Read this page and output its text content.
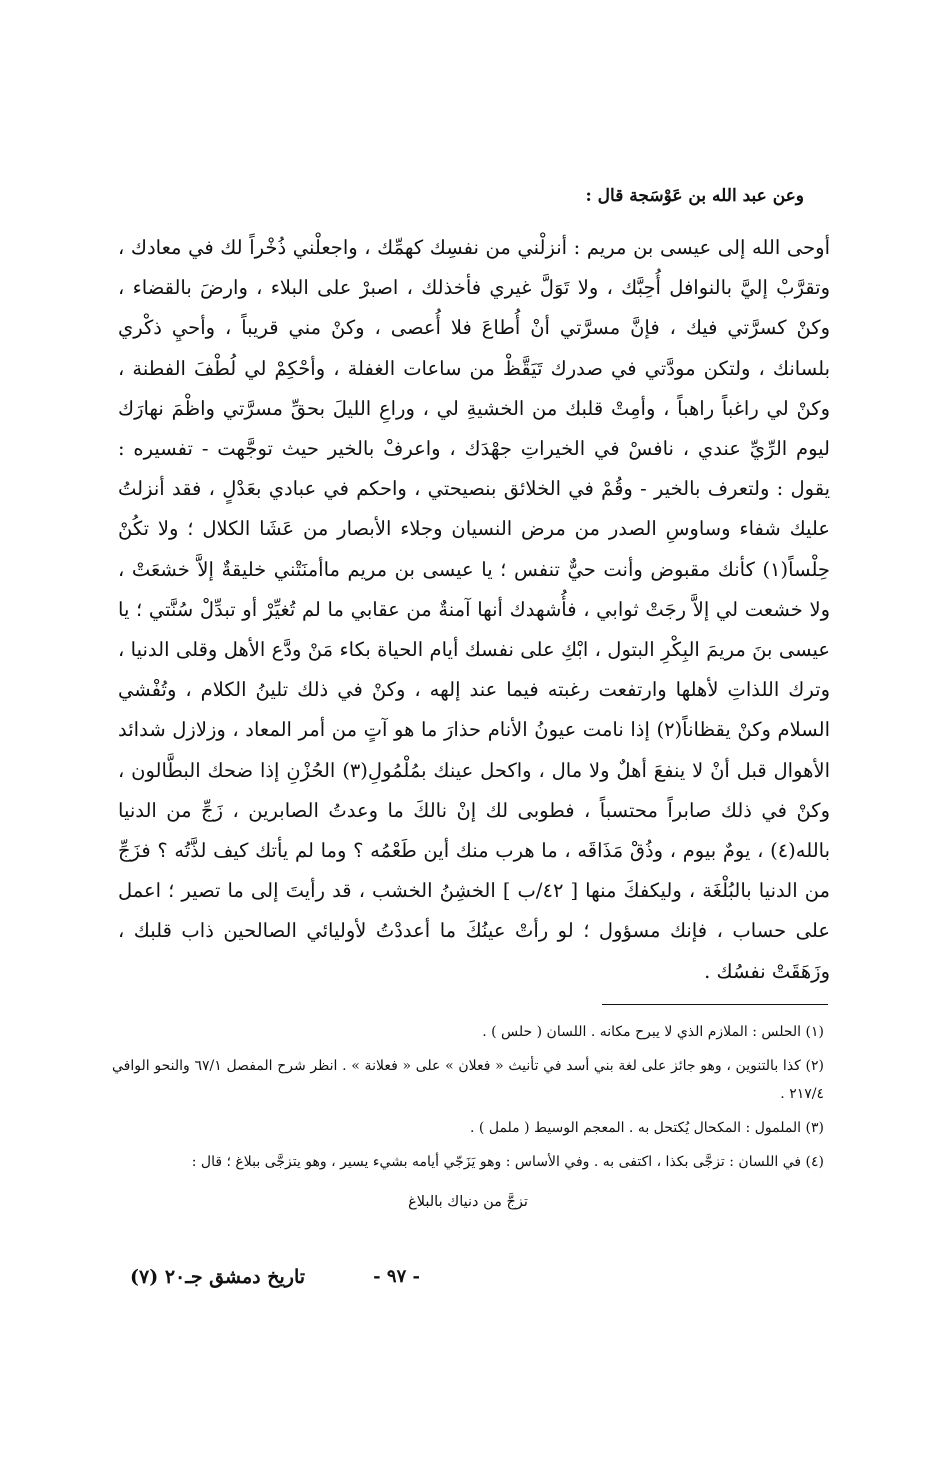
وعن عبد الله بن عَوْسَجة قال :
أوحى الله إلى عيسى بن مريم : أنزلْني من نفسِك كهمِّك ، واجعلْني ذُخْراً لك في معادك ، وتقرَّبْ إليَّ بالنوافل أُحِبَّك ، ولا تَوَلَّ غيري فأخذلك ، اصبرْ على البلاء ، وارضَ بالقضاء ، وكنْ كسرَّتي فيك ، فإنَّ مسرَّتي أنْ أُطاعَ فلا أُعصى ، وكنْ مني قريباً ، وأحيِ ذكْري بلسانك ، ولتكن مودَّتي في صدرك تَيَقَّظْ من ساعات الغفلة ، وأحْكِمْ لي لُطْفَ الفطنة ، وكنْ لي راغباً راهباً ، وأمِتْ قلبك من الخشيةِ لي ، وراعِ الليلَ بحقِّ مسرَّتي واظْمَ نهارَك ليوم الرِّيِّ عندي ، نافسْ في الخيراتِ جهْدَك ، واعرفْ بالخير حيث توجَّهت - تفسيره : يقول : ولتعرف بالخير - وقُمْ في الخلائق بنصيحتي ، واحكم في عبادي بعَدْلٍ ، فقد أنزلتُ عليك شفاء وساوسِ الصدر من مرض النسيان وجلاء الأبصار من عَشَا الكلال ؛ ولا تكُنْ حِلْساً(١) كأنك مقبوض وأنت حيٌّ تنفس ؛ يا عيسى بن مريم ماأمنَتْني خليقةٌ إلاَّ خشعَتْ ، ولا خشعت لي إلاَّ رجَتْ ثوابي ، فأُشهدك أنها آمنةٌ من عقابي ما لم تُغيِّرْ أو تبدِّلْ سُنَّتي ؛ يا عيسى بنَ مريمَ البِكْرِ البتول ، ابْكِ على نفسك أيام الحياة بكاء مَنْ ودَّع الأهل وقلى الدنيا ، وترك اللذاتِ لأهلها وارتفعت رغبته فيما عند إلهه ، وكنْ في ذلك تلينُ الكلام ، وتُفْشي السلام وكنْ يقظاناً(٢) إذا نامت عيونُ الأنام حذارَ ما هو آتٍ من أمر المعاد ، وزلازل شدائد الأهوال قبل أنْ لا ينفعَ أهلٌ ولا مال ، واكحل عينك بمُلْمُولِ(٣) الحُزْنِ إذا ضحك البطَّالون ، وكنْ في ذلك صابراً محتسباً ، فطوبى لك إنْ نالكَ ما وعدتُ الصابرين ، زَجِّ من الدنيا بالله(٤) ، يومٌ بيوم ، وذُقْ مَذَاقَه ، ما هرب منك أين طَعْمُه ؟ وما لم يأتك كيف لذَّتُه ؟ فزَجِّ من الدنيا بالبُلْغَة ، وليكفكَ منها [ ٤٢/ب ] الخشِنُ الخشب ، قد رأيتَ إلى ما تصير ؛ اعمل على حساب ، فإنك مسؤول ؛ لو رأتْ عينُكَ ما أعددْتُ لأوليائي الصالحين ذاب قلبك ، وزَهَقَتْ نفسُك .

(١) الحلس : الملازم الذي لا يبرح مكانه . اللسان ( حلس ) .

(٢) كذا بالتنوين ، وهو جائز على لغة بني أسد في تأنيث « فعلان » على « فعلانة » . انظر شرح المفصل ٦٧/١ والنحو الوافي ٢١٧/٤ .

(٣) الملمول : المكحال يُكتحل به . المعجم الوسيط ( ململ ) .

(٤) في اللسان : تزجَّى بكذا ، اكتفى به . وفي الأساس : وهو يَزَجّي أيامه بشيء يسير ، وهو يتزجَّى ببلاغ ؛ قال :

تزجَّ من دنياك بالبلاغ

- ٩٧ -
تاريخ دمشق جـ٢٠ (٧)
